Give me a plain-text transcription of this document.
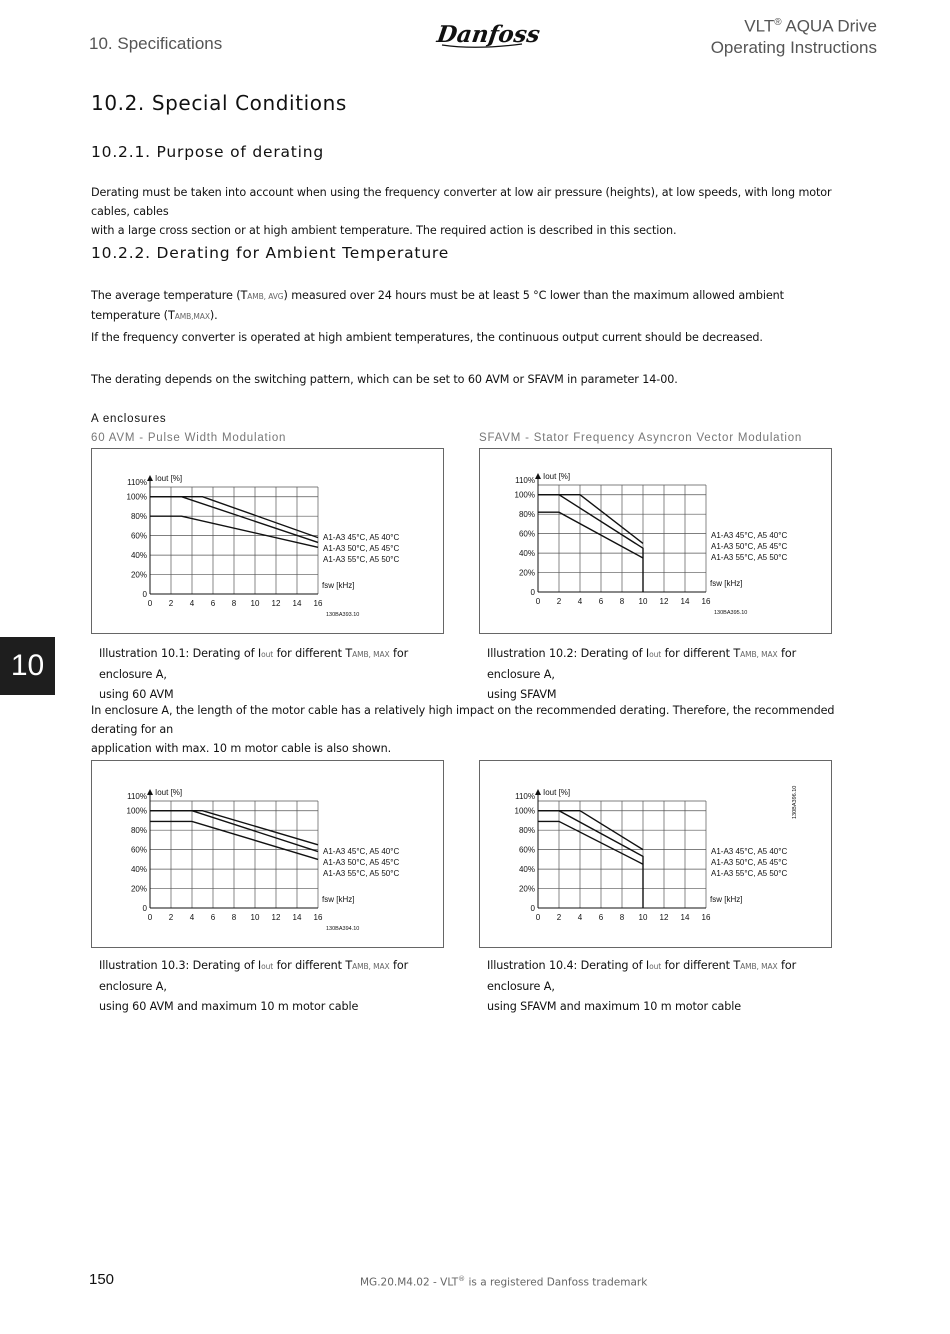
10. Specifications	Danfoss	VLT® AQUA Drive
Operating Instructions
10.2. Special Conditions
10.2.1. Purpose of derating
Derating must be taken into account when using the frequency converter at low air pressure (heights), at low speeds, with long motor cables, cables
with a large cross section or at high ambient temperature. The required action is described in this section.
10.2.2. Derating for Ambient Temperature
The average temperature (TAMB, AVG) measured over 24 hours must be at least 5 °C lower than the maximum allowed ambient temperature (TAMB,MAX).
If the frequency converter is operated at high ambient temperatures, the continuous output current should be decreased.
The derating depends on the switching pattern, which can be set to 60 AVM or SFAVM in parameter 14-00.
A enclosures
60 AVM - Pulse Width Modulation	SFAVM - Stator Frequency Asyncron Vector Modulation
Iout [%]
fsw [kHz]
0
20%
40%
60%
80%
100%
110%
0 2 4 6 8 10 12 14 16
A1-A3 45°C, A5 40°C
A1-A3 50°C, A5 45°C
A1-A3 55°C, A5 50°C
130BA393.10
Iout [%]
fsw [kHz]
0
20%
40%
60%
80%
100%
110%
0 2 4 6 8 10 12 14 16
A1-A3 45°C, A5 40°C
A1-A3 50°C, A5 45°C
A1-A3 55°C, A5 50°C
130BA395.10
10	Illustration 10.1: Derating of Iout for different TAMB, MAX for enclosure A,
using 60 AVM
Illustration 10.2: Derating of Iout for different TAMB, MAX for enclosure A,
using SFAVM
In enclosure A, the length of the motor cable has a relatively high impact on the recommended derating. Therefore, the recommended derating for an
application with max. 10 m motor cable is also shown.
Iout [%]
fsw [kHz]
0
20%
40%
60%
80%
100%
110%
0 2 4 6 8 10 12 14 16
A1-A3 45°C, A5 40°C
A1-A3 50°C, A5 45°C
A1-A3 55°C, A5 50°C
130BA394.10
Iout [%]
fsw [kHz]
0
20%
40%
60%
80%
100%
110%
0 2 4 6 8 10 12 14 16
A1-A3 45°C, A5 40°C
A1-A3 50°C, A5 45°C
A1-A3 55°C, A5 50°C
130BA396.10
Illustration 10.3: Derating of Iout for different TAMB, MAX for enclosure A,
using 60 AVM and maximum 10 m motor cable
Illustration 10.4: Derating of Iout for different TAMB, MAX for enclosure A,
using SFAVM and maximum 10 m motor cable
150	MG.20.M4.02 - VLT® is a registered Danfoss trademark
